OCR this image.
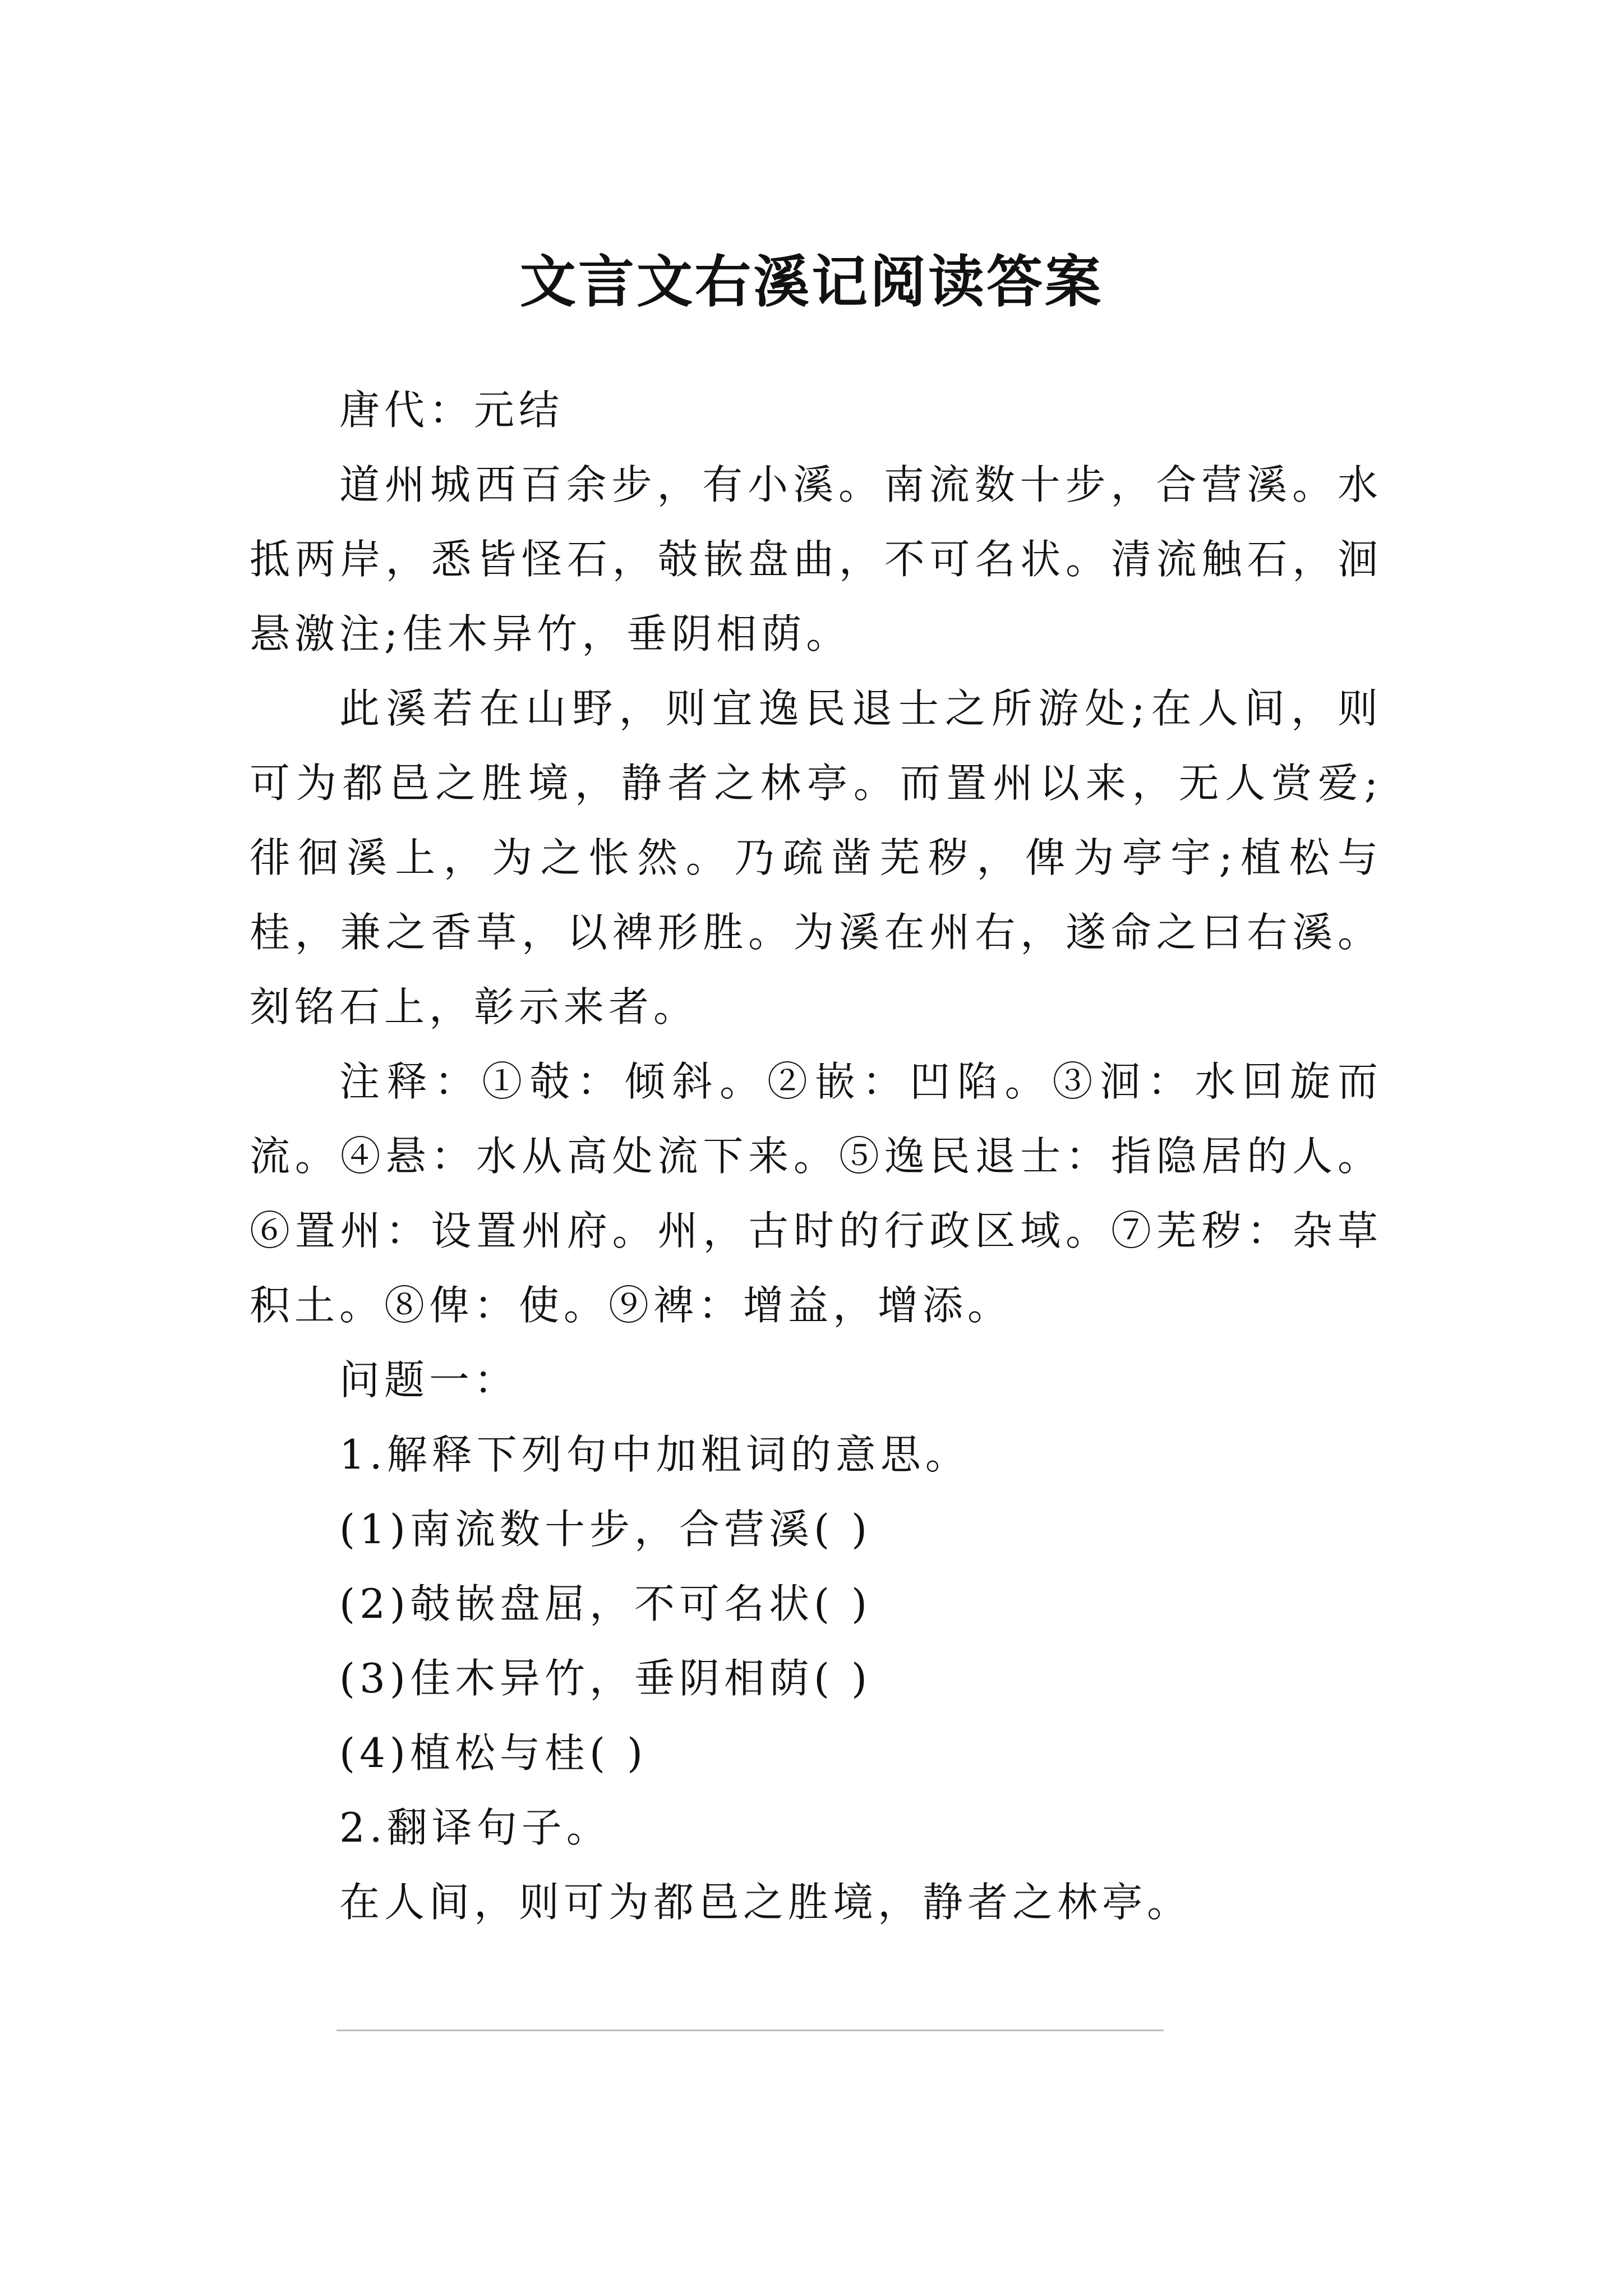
文言文右溪记阅读答案

唐代：元结

道州城西百余步，有小溪。南流数十步，合营溪。水抵两岸，悉皆怪石，攲嵌盘曲，不可名状。清流触石，洄悬激注;佳木异竹，垂阴相荫。

此溪若在山野，则宜逸民退士之所游处;在人间，则可为都邑之胜境，静者之林亭。而置州以来，无人赏爱;徘徊溪上，为之怅然。乃疏凿芜秽，俾为亭宇;植松与桂，兼之香草，以裨形胜。为溪在州右，遂命之曰右溪。刻铭石上，彰示来者。

注释：①攲：倾斜。②嵌：凹陷。③洄：水回旋而流。④悬：水从高处流下来。⑤逸民退士：指隐居的人。⑥置州：设置州府。州，古时的行政区域。⑦芜秽：杂草积土。⑧俾：使。⑨裨：增益，增添。

问题一：

1.解释下列句中加粗词的意思。

(1)南流数十步，合营溪( )

(2)攲嵌盘屈，不可名状( )

(3)佳木异竹，垂阴相荫( )

(4)植松与桂( )

2.翻译句子。

在人间，则可为都邑之胜境，静者之林亭。
